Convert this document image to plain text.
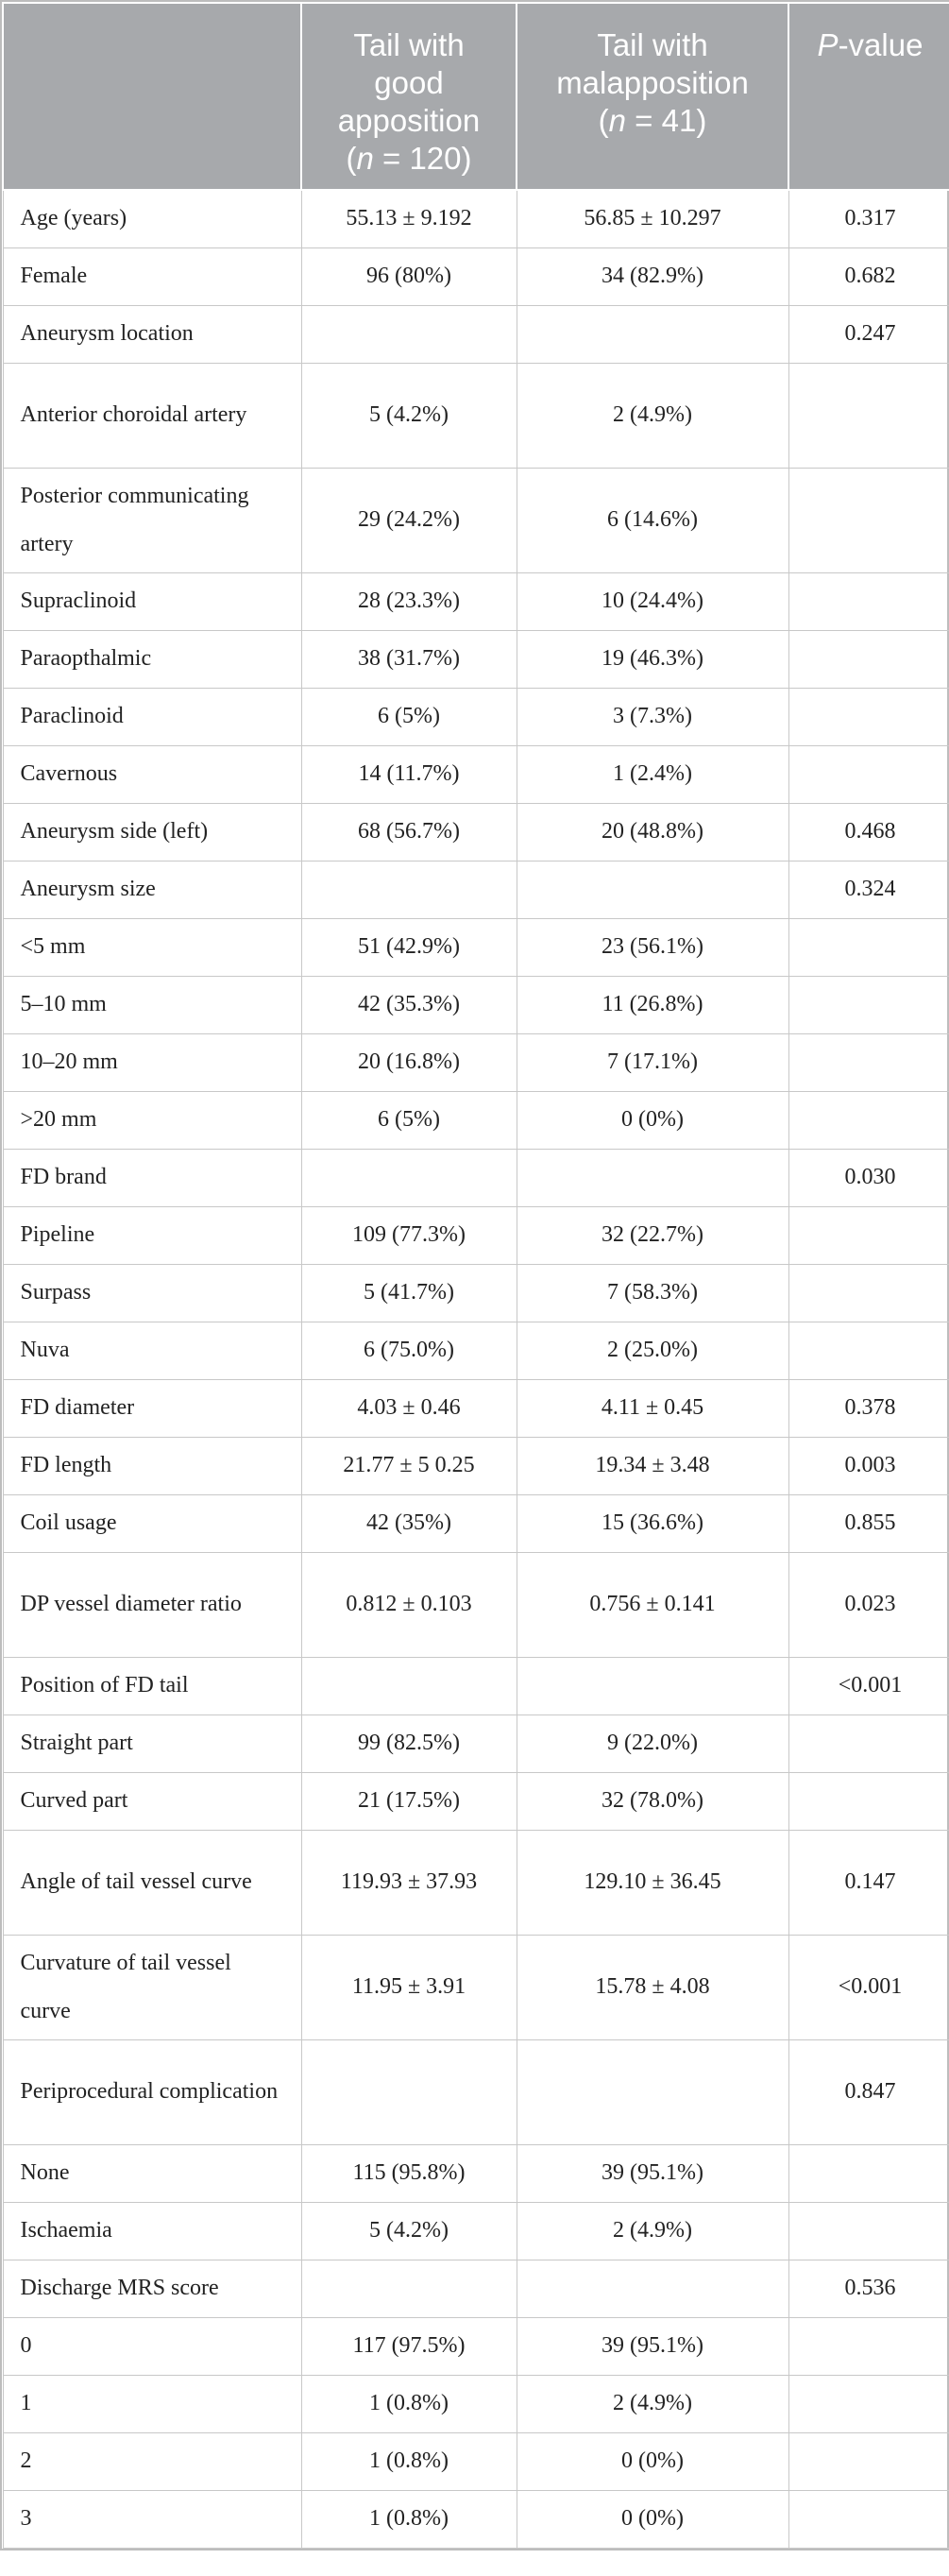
	Tail with
good
apposition
(n = 120)	Tail with
malapposition
(n = 41)	P-value
Age (years)	55.13 ± 9.192	56.85 ± 10.297	0.317
Female	96 (80%)	34 (82.9%)	0.682
Aneurysm location			0.247
Anterior choroidal artery	5 (4.2%)	2 (4.9%)	
Posterior communicating artery	29 (24.2%)	6 (14.6%)	
Supraclinoid	28 (23.3%)	10 (24.4%)	
Paraopthalmic	38 (31.7%)	19 (46.3%)	
Paraclinoid	6 (5%)	3 (7.3%)	
Cavernous	14 (11.7%)	1 (2.4%)	
Aneurysm side (left)	68 (56.7%)	20 (48.8%)	0.468
Aneurysm size			0.324
<5 mm	51 (42.9%)	23 (56.1%)	
5–10 mm	42 (35.3%)	11 (26.8%)	
10–20 mm	20 (16.8%)	7 (17.1%)	
>20 mm	6 (5%)	0 (0%)	
FD brand			0.030
Pipeline	109 (77.3%)	32 (22.7%)	
Surpass	5 (41.7%)	7 (58.3%)	
Nuva	6 (75.0%)	2 (25.0%)	
FD diameter	4.03 ± 0.46	4.11 ± 0.45	0.378
FD length	21.77 ± 5 0.25	19.34 ± 3.48	0.003
Coil usage	42 (35%)	15 (36.6%)	0.855
DP vessel diameter ratio	0.812 ± 0.103	0.756 ± 0.141	0.023
Position of FD tail			<0.001
Straight part	99 (82.5%)	9 (22.0%)	
Curved part	21 (17.5%)	32 (78.0%)	
Angle of tail vessel curve	119.93 ± 37.93	129.10 ± 36.45	0.147
Curvature of tail vessel curve	11.95 ± 3.91	15.78 ± 4.08	<0.001
Periprocedural complication			0.847
None	115 (95.8%)	39 (95.1%)	
Ischaemia	5 (4.2%)	2 (4.9%)	
Discharge MRS score			0.536
0	117 (97.5%)	39 (95.1%)	
1	1 (0.8%)	2 (4.9%)	
2	1 (0.8%)	0 (0%)	
3	1 (0.8%)	0 (0%)	
